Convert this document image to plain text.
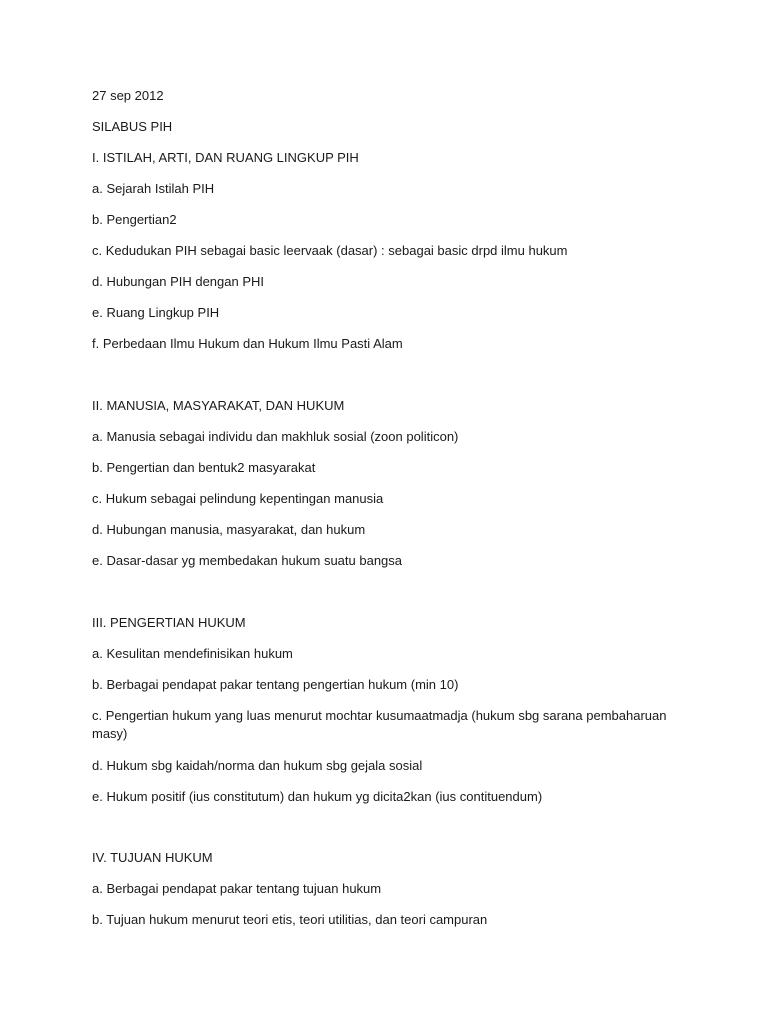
27 sep 2012
SILABUS PIH
I. ISTILAH, ARTI, DAN RUANG LINGKUP PIH
a. Sejarah Istilah PIH
b. Pengertian2
c. Kedudukan PIH sebagai basic leervaak (dasar) : sebagai basic drpd ilmu hukum
d. Hubungan PIH dengan PHI
e. Ruang Lingkup PIH
f. Perbedaan Ilmu Hukum dan Hukum Ilmu Pasti Alam
II. MANUSIA, MASYARAKAT, DAN HUKUM
a. Manusia sebagai individu dan makhluk sosial (zoon politicon)
b. Pengertian dan bentuk2 masyarakat
c. Hukum sebagai pelindung kepentingan manusia
d. Hubungan manusia, masyarakat, dan hukum
e. Dasar-dasar yg membedakan hukum suatu bangsa
III. PENGERTIAN HUKUM
a. Kesulitan mendefinisikan hukum
b. Berbagai pendapat pakar tentang pengertian hukum (min 10)
c. Pengertian hukum yang luas menurut mochtar kusumaatmadja (hukum sbg sarana pembaharuan masy)
d. Hukum sbg kaidah/norma dan hukum sbg gejala sosial
e. Hukum positif (ius constitutum) dan hukum yg dicita2kan (ius contituendum)
IV. TUJUAN HUKUM
a. Berbagai pendapat pakar tentang tujuan hukum
b. Tujuan hukum menurut teori etis, teori utilitias, dan teori campuran
